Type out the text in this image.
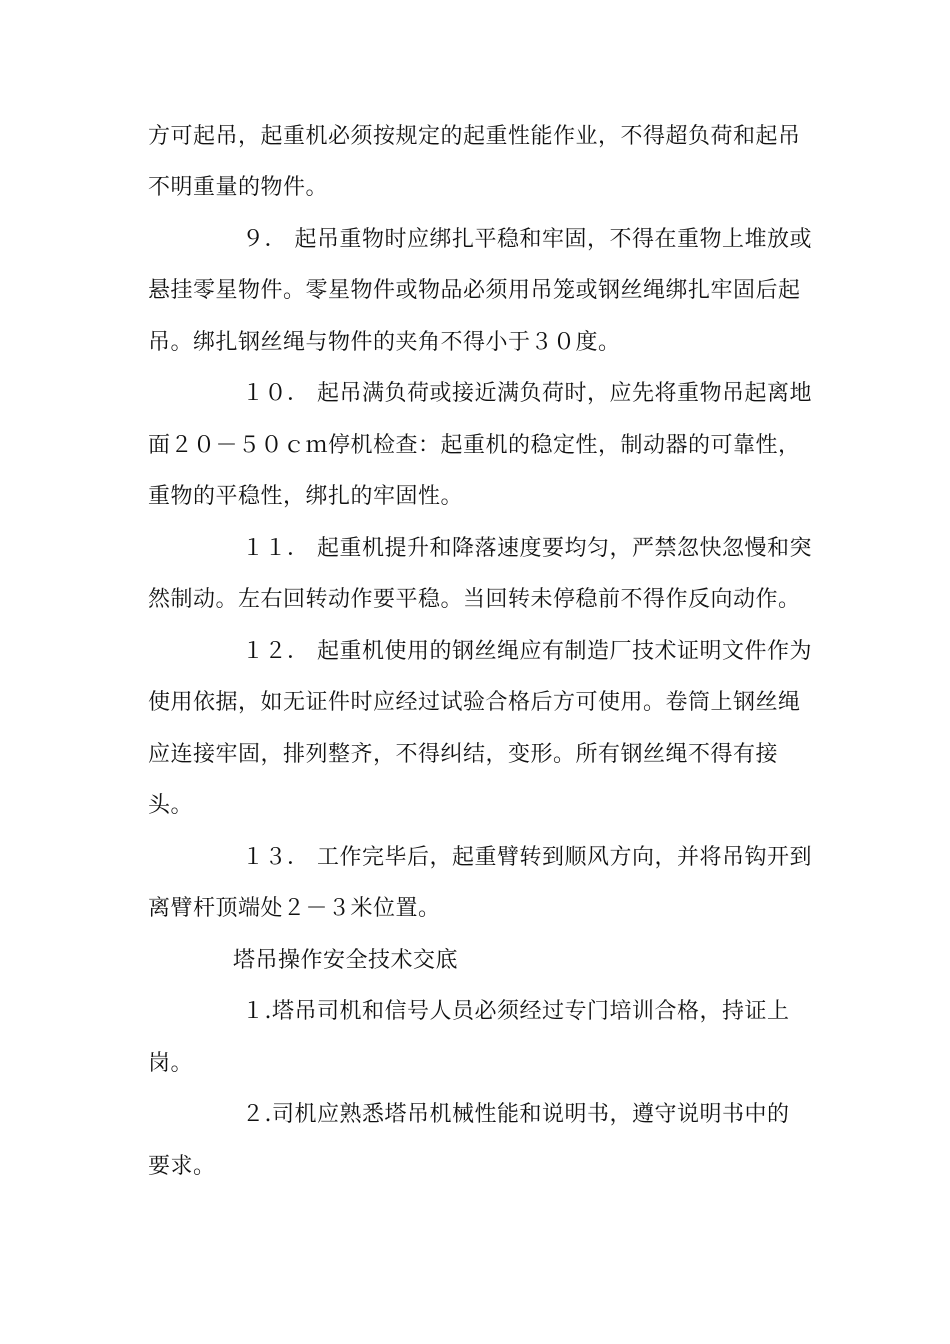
方可起吊，起重机必须按规定的起重性能作业，不得超负荷和起吊
不明重量的物件。
９． 起吊重物时应绑扎平稳和牢固，不得在重物上堆放或
悬挂零星物件。零星物件或物品必须用吊笼或钢丝绳绑扎牢固后起
吊。绑扎钢丝绳与物件的夹角不得小于３０度。
１０． 起吊满负荷或接近满负荷时，应先将重物吊起离地
面２０－５０ｃｍ停机检查：起重机的稳定性，制动器的可靠性，
重物的平稳性，绑扎的牢固性。
１１． 起重机提升和降落速度要均匀，严禁忽快忽慢和突
然制动。左右回转动作要平稳。当回转未停稳前不得作反向动作。
１２． 起重机使用的钢丝绳应有制造厂技术证明文件作为
使用依据，如无证件时应经过试验合格后方可使用。卷筒上钢丝绳
应连接牢固，排列整齐，不得纠结，变形。所有钢丝绳不得有接
头。
１３． 工作完毕后，起重臂转到顺风方向，并将吊钩开到
离臂杆顶端处２－３米位置。
塔吊操作安全技术交底
１.塔吊司机和信号人员必须经过专门培训合格，持证上
岗。
２.司机应熟悉塔吊机械性能和说明书，遵守说明书中的
要求。
